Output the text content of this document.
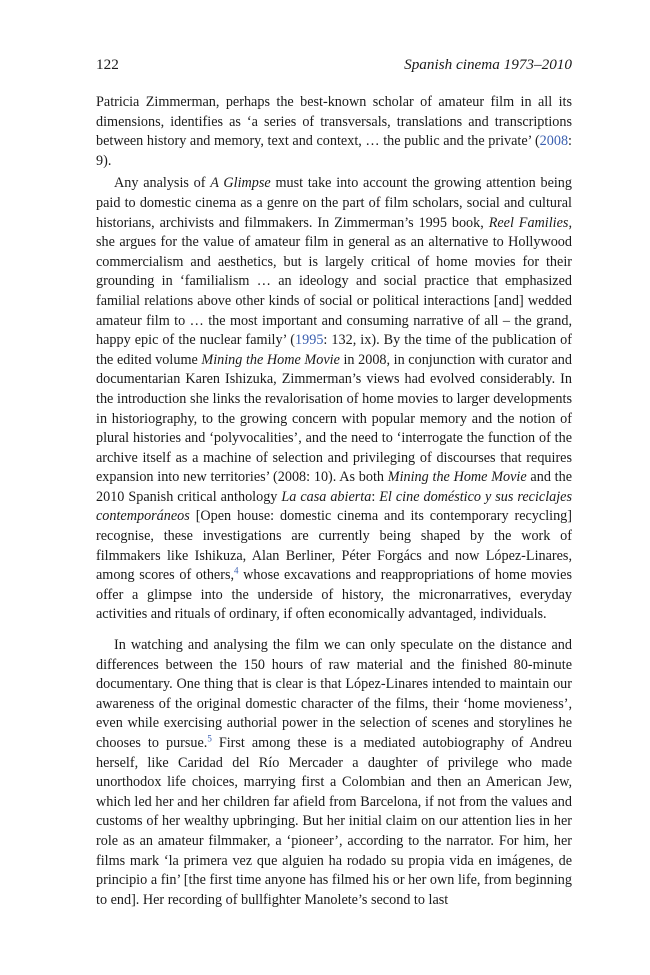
122	Spanish cinema 1973–2010

Patricia Zimmerman, perhaps the best-known scholar of amateur film in all its dimensions, identifies as ‘a series of transversals, translations and transcriptions between history and memory, text and context, … the public and the private’ (2008: 9).

Any analysis of A Glimpse must take into account the growing attention being paid to domestic cinema as a genre on the part of film scholars, social and cultural historians, archivists and filmmakers. In Zimmerman’s 1995 book, Reel Families, she argues for the value of amateur film in general as an alternative to Hollywood commercialism and aesthetics, but is largely critical of home movies for their grounding in ‘familialism … an ideology and social practice that emphasized familial relations above other kinds of social or political interactions [and] wedded amateur film to … the most important and consuming narrative of all – the grand, happy epic of the nuclear family’ (1995: 132, ix). By the time of the publication of the edited volume Mining the Home Movie in 2008, in conjunction with curator and documentarian Karen Ishizuka, Zimmerman’s views had evolved considerably. In the introduction she links the revalorisation of home movies to larger developments in historiography, to the growing concern with popular memory and the notion of plural histories and ‘polyvocalities’, and the need to ‘interrogate the function of the archive itself as a machine of selection and privileging of discourses that requires expansion into new territories’ (2008: 10). As both Mining the Home Movie and the 2010 Spanish critical anthology La casa abierta: El cine doméstico y sus reciclajes contemporáneos [Open house: domestic cinema and its contemporary recycling] recognise, these investigations are currently being shaped by the work of filmmakers like Ishikuza, Alan Berliner, Péter Forgács and now López-Linares, among scores of others,$^4$ whose excavations and reappropriations of home movies offer a glimpse into the underside of history, the micronarratives, everyday activities and rituals of ordinary, if often economically advantaged, individuals.

In watching and analysing the film we can only speculate on the distance and differences between the 150 hours of raw material and the finished 80-minute documentary. One thing that is clear is that López-Linares intended to maintain our awareness of the original domestic character of the films, their ‘home movieness’, even while exercising authorial power in the selection of scenes and storylines he chooses to pursue.$^5$ First among these is a mediated autobiography of Andreu herself, like Caridad del Río Mercader a daughter of privilege who made unorthodox life choices, marrying first a Colombian and then an American Jew, which led her and her children far afield from Barcelona, if not from the values and customs of her wealthy upbringing. But her initial claim on our attention lies in her role as an amateur filmmaker, a ‘pioneer’, according to the narrator. For him, her films mark ‘la primera vez que alguien ha rodado su propia vida en imágenes, de principio a fin’ [the first time anyone has filmed his or her own life, from beginning to end]. Her recording of bullfighter Manolete’s second to last
